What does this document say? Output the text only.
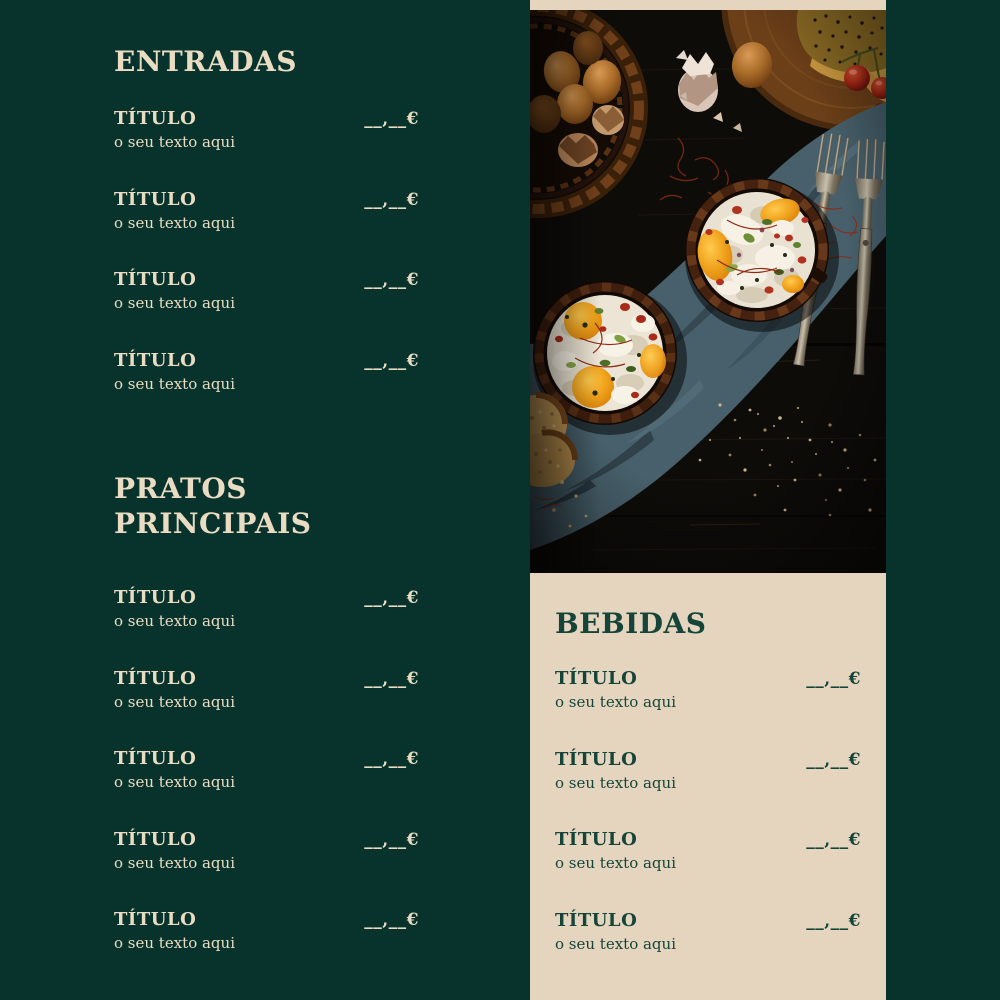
ENTRADAS
TÍTULO	__,__€
o seu texto aqui
TÍTULO	__,__€
o seu texto aqui
TÍTULO	__,__€
o seu texto aqui
TÍTULO	__,__€
o seu texto aqui
PRATOS PRINCIPAIS
TÍTULO	__,__€
o seu texto aqui
TÍTULO	__,__€
o seu texto aqui
TÍTULO	__,__€
o seu texto aqui
TÍTULO	__,__€
o seu texto aqui
TÍTULO	__,__€
o seu texto aqui
BEBIDAS
TÍTULO	__,__€
o seu texto aqui
TÍTULO	__,__€
o seu texto aqui
TÍTULO	__,__€
o seu texto aqui
TÍTULO	__,__€
o seu texto aqui
